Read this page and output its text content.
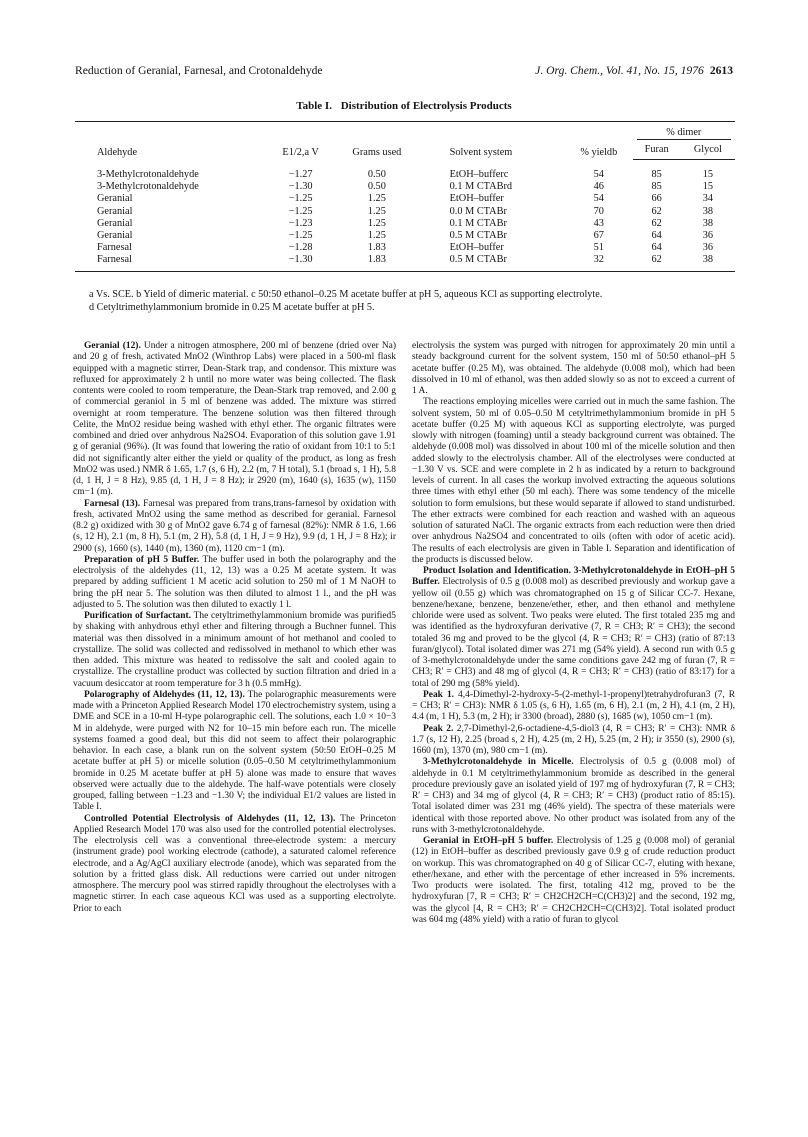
Reduction of Geranial, Farnesal, and Crotonaldehyde	J. Org. Chem., Vol. 41, No. 15, 1976 2613
Table I. Distribution of Electrolysis Products
Aldehyde	E1/2,a V	Grams used	Solvent system	% yieldb	% dimer	

					Furan	Glycol
3-Methylcrotonaldehyde	−1.27	0.50	EtOH–bufferc	54	85	15
3-Methylcrotonaldehyde	−1.30	0.50	0.1 M CTABrd	46	85	15
Geranial	−1.25	1.25	EtOH–buffer	54	66	34
Geranial	−1.25	1.25	0.0 M CTABr	70	62	38
Geranial	−1.23	1.25	0.1 M CTABr	43	62	38
Geranial	−1.25	1.25	0.5 M CTABr	67	64	36
Farnesal	−1.28	1.83	EtOH–buffer	51	64	36
Farnesal	−1.30	1.83	0.5 M CTABr	32	62	38

a Vs. SCE. b Yield of dimeric material. c 50:50 ethanol–0.25 M acetate buffer at pH 5, aqueous KCl as supporting electrolyte.

d Cetyltrimethylammonium bromide in 0.25 M acetate buffer at pH 5.

Geranial (12). Under a nitrogen atmosphere, 200 ml of benzene (dried over Na) and 20 g of fresh, activated MnO2 (Winthrop Labs) were placed in a 500-ml flask equipped with a magnetic stirrer, Dean-Stark trap, and condensor. This mixture was refluxed for approximately 2 h until no more water was being collected. The flask contents were cooled to room temperature, the Dean-Stark trap removed, and 2.00 g of commercial geraniol in 5 ml of benzene was added. The mixture was stirred overnight at room temperature. The benzene solution was then filtered through Celite, the MnO2 residue being washed with ethyl ether. The organic filtrates were combined and dried over anhydrous Na2SO4. Evaporation of this solution gave 1.91 g of geranial (96%). (It was found that lowering the ratio of oxidant from 10:1 to 5:1 did not significantly alter either the yield or quality of the product, as long as fresh MnO2 was used.) NMR δ 1.65, 1.7 (s, 6 H), 2.2 (m, 7 H total), 5.1 (broad s, 1 H), 5.8 (d, 1 H, J = 8 Hz), 9.85 (d, 1 H, J = 8 Hz); ir 2920 (m), 1640 (s), 1635 (w), 1150 cm−1 (m).

Farnesal (13). Farnesal was prepared from trans,trans-farnesol by oxidation with fresh, activated MnO2 using the same method as described for geranial. Farnesol (8.2 g) oxidized with 30 g of MnO2 gave 6.74 g of farnesal (82%): NMR δ 1.6, 1.66 (s, 12 H), 2.1 (m, 8 H), 5.1 (m, 2 H), 5.8 (d, 1 H, J = 9 Hz), 9.9 (d, 1 H, J = 8 Hz); ir 2900 (s), 1660 (s), 1440 (m), 1360 (m), 1120 cm−1 (m).

Preparation of pH 5 Buffer. The buffer used in both the polarography and the electrolysis of the aldehydes (11, 12, 13) was a 0.25 M acetate system. It was prepared by adding sufficient 1 M acetic acid solution to 250 ml of 1 M NaOH to bring the pH near 5. The solution was then diluted to almost 1 l., and the pH was adjusted to 5. The solution was then diluted to exactly 1 l.

Purification of Surfactant. The cetyltrimethylammonium bromide was purified5 by shaking with anhydrous ethyl ether and filtering through a Buchner funnel. This material was then dissolved in a minimum amount of hot methanol and cooled to crystallize. The solid was collected and redissolved in methanol to which ether was then added. This mixture was heated to redissolve the salt and cooled again to crystallize. The crystalline product was collected by suction filtration and dried in a vacuum desiccator at room temperature for 3 h (0.5 mmHg).

Polarography of Aldehydes (11, 12, 13). The polarographic measurements were made with a Princeton Applied Research Model 170 electrochemistry system, using a DME and SCE in a 10-ml H-type polarographic cell. The solutions, each 1.0 × 10−3 M in aldehyde, were purged with N2 for 10–15 min before each run. The micelle systems foamed a good deal, but this did not seem to affect their polarographic behavior. In each case, a blank run on the solvent system (50:50 EtOH–0.25 M acetate buffer at pH 5) or micelle solution (0.05–0.50 M cetyltrimethylammonium bromide in 0.25 M acetate buffer at pH 5) alone was made to ensure that waves observed were actually due to the aldehyde. The half-wave potentials were closely grouped, falling between −1.23 and −1.30 V; the individual E1/2 values are listed in Table I.

Controlled Potential Electrolysis of Aldehydes (11, 12, 13). The Princeton Applied Research Model 170 was also used for the controlled potential electrolyses. The electrolysis cell was a conventional three-electrode system: a mercury (instrument grade) pool working electrode (cathode), a saturated calomel reference electrode, and a Ag/AgCl auxiliary electrode (anode), which was separated from the solution by a fritted glass disk. All reductions were carried out under nitrogen atmosphere. The mercury pool was stirred rapidly throughout the electrolyses with a magnetic stirrer. In each case aqueous KCl was used as a supporting electrolyte. Prior to each

electrolysis the system was purged with nitrogen for approximately 20 min until a steady background current for the solvent system, 150 ml of 50:50 ethanol–pH 5 acetate buffer (0.25 M), was obtained. The aldehyde (0.008 mol), which had been dissolved in 10 ml of ethanol, was then added slowly so as not to exceed a current of 1 A.

The reactions employing micelles were carried out in much the same fashion. The solvent system, 50 ml of 0.05–0.50 M cetyltrimethylammonium bromide in pH 5 acetate buffer (0.25 M) with aqueous KCl as supporting electrolyte, was purged slowly with nitrogen (foaming) until a steady background current was obtained. The aldehyde (0.008 mol) was dissolved in about 100 ml of the micelle solution and then added slowly to the electrolysis chamber. All of the electrolyses were conducted at −1.30 V vs. SCE and were complete in 2 h as indicated by a return to background levels of current. In all cases the workup involved extracting the aqueous solutions three times with ethyl ether (50 ml each). There was some tendency of the micelle solution to form emulsions, but these would separate if allowed to stand undisturbed. The ether extracts were combined for each reaction and washed with an aqueous solution of saturated NaCl. The organic extracts from each reduction were then dried over anhydrous Na2SO4 and concentrated to oils (often with odor of acetic acid). The results of each electrolysis are given in Table I. Separation and identification of the products is discussed below.

Product Isolation and Identification. 3-Methylcrotonaldehyde in EtOH–pH 5 Buffer. Electrolysis of 0.5 g (0.008 mol) as described previously and workup gave a yellow oil (0.55 g) which was chromatographed on 15 g of Silicar CC-7. Hexane, benzene/hexane, benzene, benzene/ether, ether, and then ethanol and methylene chloride were used as solvent. Two peaks were eluted. The first totaled 235 mg and was identified as the hydroxyfuran derivative (7, R = CH3; R′ = CH3); the second totaled 36 mg and proved to be the glycol (4, R = CH3; R′ = CH3) (ratio of 87:13 furan/glycol). Total isolated dimer was 271 mg (54% yield). A second run with 0.5 g of 3-methylcrotonaldehyde under the same conditions gave 242 mg of furan (7, R = CH3; R′ = CH3) and 48 mg of glycol (4, R = CH3; R′ = CH3) (ratio of 83:17) for a total of 290 mg (58% yield).

Peak 1. 4,4-Dimethyl-2-hydroxy-5-(2-methyl-1-propenyl)tetrahydrofuran3 (7, R = CH3; R′ = CH3): NMR δ 1.05 (s, 6 H), 1.65 (m, 6 H), 2.1 (m, 2 H), 4.1 (m, 2 H), 4.4 (m, 1 H), 5.3 (m, 2 H); ir 3300 (broad), 2880 (s), 1685 (w), 1050 cm−1 (m).

Peak 2. 2,7-Dimethyl-2,6-octadiene-4,5-diol3 (4, R = CH3; R′ = CH3): NMR δ 1.7 (s, 12 H), 2.25 (broad s, 2 H), 4.25 (m, 2 H), 5.25 (m, 2 H); ir 3550 (s), 2900 (s), 1660 (m), 1370 (m), 980 cm−1 (m).

3-Methylcrotonaldehyde in Micelle. Electrolysis of 0.5 g (0.008 mol) of aldehyde in 0.1 M cetyltrimethylammonium bromide as described in the general procedure previously gave an isolated yield of 197 mg of hydroxyfuran (7, R = CH3; R′ = CH3) and 34 mg of glycol (4, R = CH3; R′ = CH3) (product ratio of 85:15). Total isolated dimer was 231 mg (46% yield). The spectra of these materials were identical with those reported above. No other product was isolated from any of the runs with 3-methylcrotonaldehyde.

Geranial in EtOH–pH 5 buffer. Electrolysis of 1.25 g (0.008 mol) of geranial (12) in EtOH–buffer as described previously gave 0.9 g of crude reduction product on workup. This was chromatographed on 40 g of Silicar CC-7, eluting with hexane, ether/hexane, and ether with the percentage of ether increased in 5% increments. Two products were isolated. The first, totaling 412 mg, proved to be the hydroxyfuran [7, R = CH3; R′ = CH2CH2CH=C(CH3)2] and the second, 192 mg, was the glycol [4, R = CH3; R′ = CH2CH2CH=C(CH3)2]. Total isolated product was 604 mg (48% yield) with a ratio of furan to glycol
